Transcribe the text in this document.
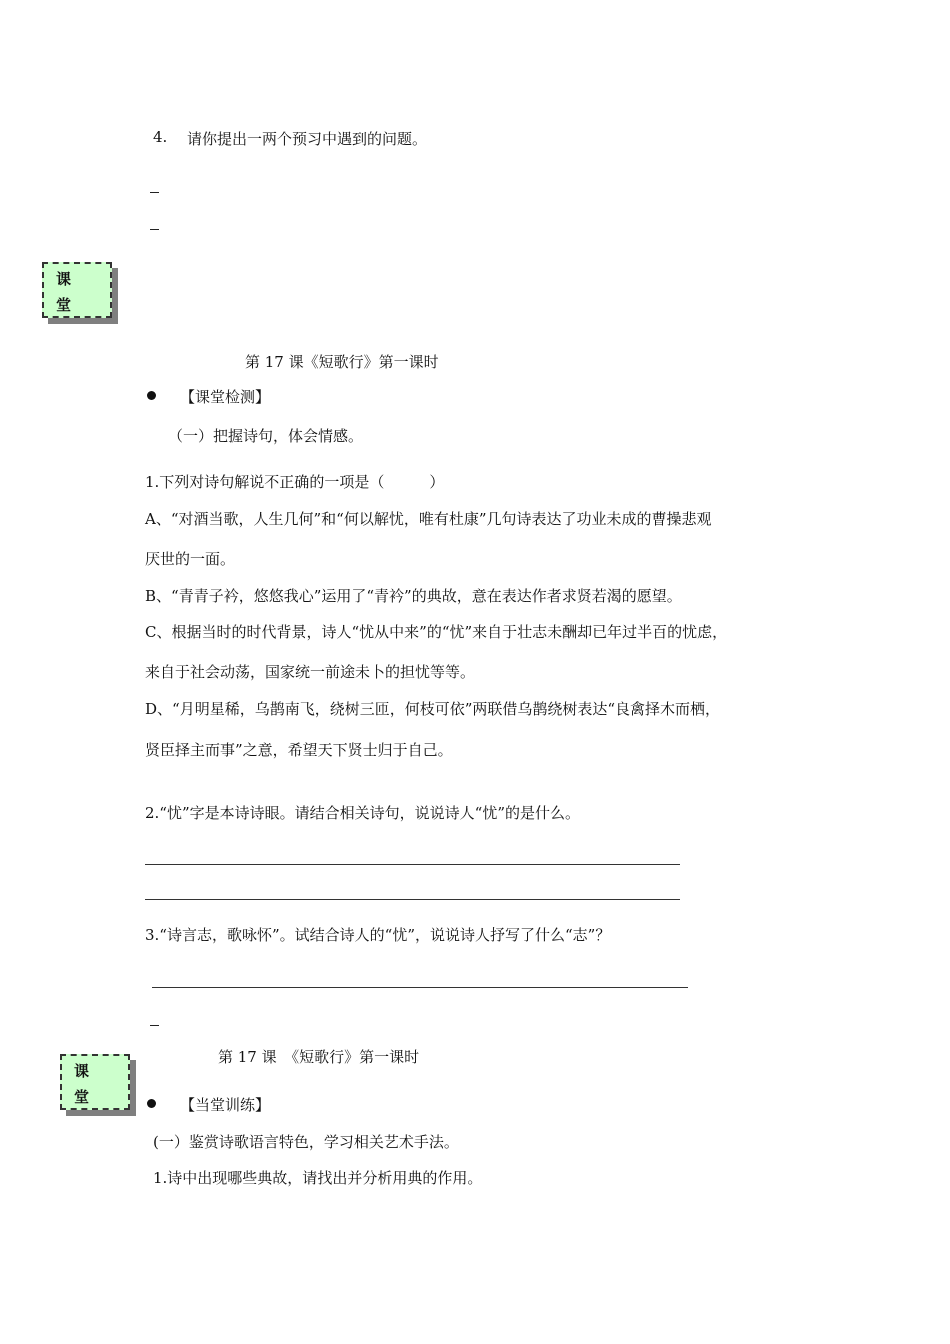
4. 请你提出一两个预习中遇到的问题。
课
堂
第 17 课《短歌行》第一课时
【课堂检测】
（一）把握诗句，体会情感。
1.下列对诗句解说不正确的一项是（　　　）
A、“对酒当歌，人生几何”和“何以解忧，唯有杜康”几句诗表达了功业未成的曹操悲观
厌世的一面。
B、“青青子衿，悠悠我心”运用了“青衿”的典故，意在表达作者求贤若渴的愿望。
C、根据当时的时代背景，诗人“忧从中来”的“忧”来自于壮志未酬却已年过半百的忧虑，
来自于社会动荡，国家统一前途未卜的担忧等等。
D、“月明星稀，乌鹊南飞，绕树三匝，何枝可依”两联借乌鹊绕树表达“良禽择木而栖，
贤臣择主而事”之意，希望天下贤士归于自己。
2.“忧”字是本诗诗眼。请结合相关诗句，说说诗人“忧”的是什么。
3.“诗言志，歌咏怀”。试结合诗人的“忧”，说说诗人抒写了什么“志”？
课
堂
第 17 课　《短歌行》第一课时
【当堂训练】
(一）鉴赏诗歌语言特色，学习相关艺术手法。
1.诗中出现哪些典故，请找出并分析用典的作用。
